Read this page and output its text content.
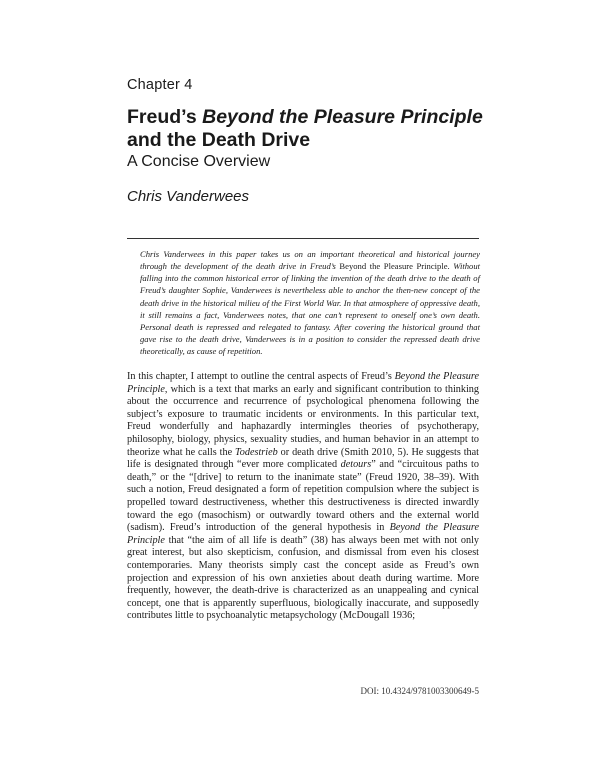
Chapter 4
Freud’s Beyond the Pleasure Principle and the Death Drive
A Concise Overview
Chris Vanderwees
Chris Vanderwees in this paper takes us on an important theoretical and historical journey through the development of the death drive in Freud’s Beyond the Pleasure Principle. Without falling into the common historical error of linking the invention of the death drive to the death of Freud’s daughter Sophie, Vanderwees is nevertheless able to anchor the then-new concept of the death drive in the historical milieu of the First World War. In that atmosphere of oppressive death, it still remains a fact, Vanderwees notes, that one can’t represent to oneself one’s own death. Personal death is repressed and relegated to fantasy. After covering the historical ground that gave rise to the death drive, Vanderwees is in a position to consider the repressed death drive theoretically, as cause of repetition.
In this chapter, I attempt to outline the central aspects of Freud’s Beyond the Pleasure Principle, which is a text that marks an early and significant contribution to thinking about the occurrence and recurrence of psychological phenomena following the subject’s exposure to traumatic incidents or environments. In this particular text, Freud wonderfully and haphazardly intermingles theories of psychotherapy, philosophy, biology, physics, sexuality studies, and human behavior in an attempt to theorize what he calls the Todestrieb or death drive (Smith 2010, 5). He suggests that life is designated through “ever more complicated detours” and “circuitous paths to death,” or the “[drive] to return to the inanimate state” (Freud 1920, 38–39). With such a notion, Freud designated a form of repetition compulsion where the subject is propelled toward destructiveness, whether this destructiveness is directed inwardly toward the ego (masochism) or outwardly toward others and the external world (sadism). Freud’s introduction of the general hypothesis in Beyond the Pleasure Principle that “the aim of all life is death” (38) has always been met with not only great interest, but also skepticism, confusion, and dismissal from even his closest contemporaries. Many theorists simply cast the concept aside as Freud’s own projection and expression of his own anxieties about death during wartime. More frequently, however, the death-drive is characterized as an unappealing and cynical concept, one that is apparently superfluous, biologically inaccurate, and supposedly contributes little to psychoanalytic metapsychology (McDougall 1936;
DOI: 10.4324/9781003300649-5
